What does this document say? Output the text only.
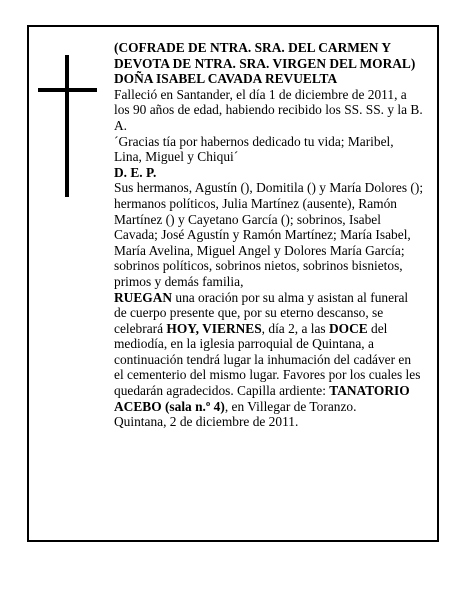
(COFRADE DE NTRA. SRA. DEL CARMEN Y DEVOTA DE NTRA. SRA. VIRGEN DEL MORAL)

DOÑA ISABEL CAVADA REVUELTA

Falleció en Santander, el día 1 de diciembre de 2011, a los 90 años de edad, habiendo recibido los SS. SS. y la B. A.

´Gracias tía por habernos dedicado tu vida; Maribel, Lina, Miguel y Chiqui´

D. E. P.

Sus hermanos, Agustín (), Domitila () y María Dolores (); hermanos políticos, Julia Martínez (ausente), Ramón Martínez () y Cayetano García (); sobrinos, Isabel Cavada; José Agustín y Ramón Martínez; María Isabel, María Avelina, Miguel Angel y Dolores María García; sobrinos políticos, sobrinos nietos, sobrinos bisnietos, primos y demás familia,

RUEGAN una oración por su alma y asistan al funeral de cuerpo presente que, por su eterno descanso, se celebrará HOY, VIERNES, día 2, a las DOCE del mediodía, en la iglesia parroquial de Quintana, a continuación tendrá lugar la inhumación del cadáver en el cementerio del mismo lugar. Favores por los cuales les quedarán agradecidos. Capilla ardiente: TANATORIO ACEBO (sala n.º 4), en Villegar de Toranzo.

Quintana, 2 de diciembre de 2011.
